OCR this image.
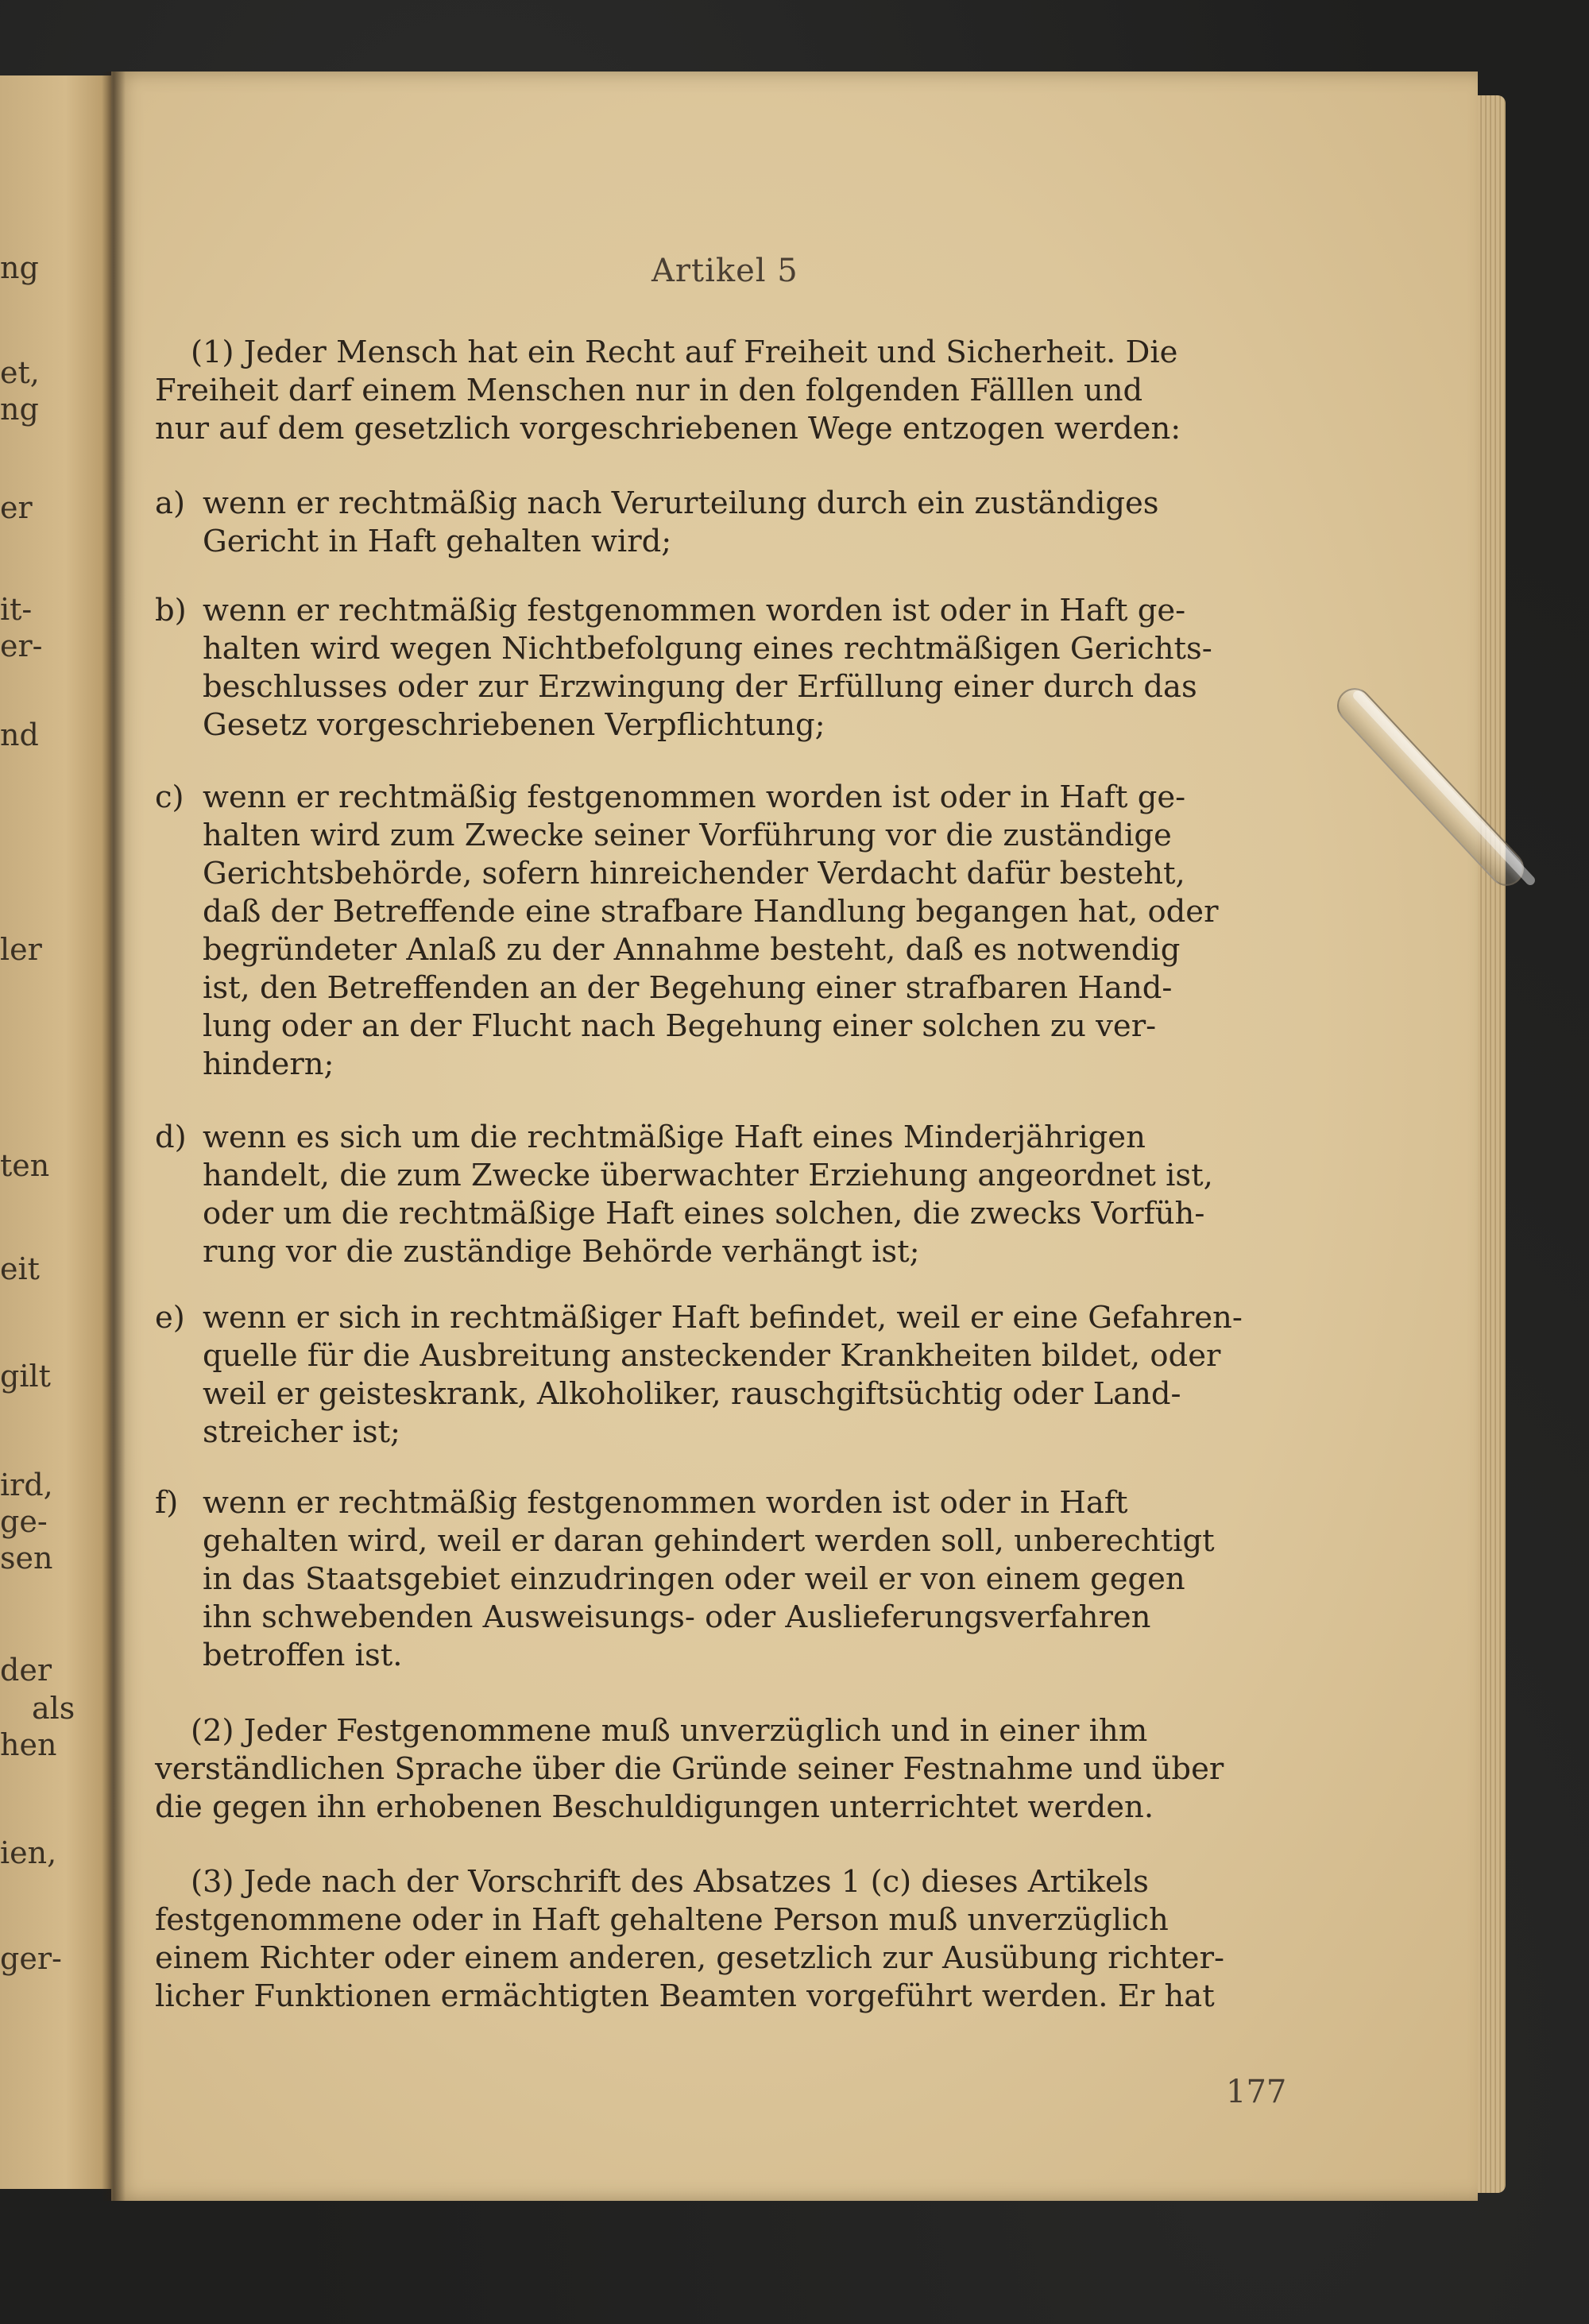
ng
et,
ng
er
it-
er-
nd
ler
ten
eit
gilt
ird,
ge-
sen
der
als
hen
ien,
ger-
Artikel 5
(1) Jeder Mensch hat ein Recht auf Freiheit und Sicherheit. Die
Freiheit darf einem Menschen nur in den folgenden Fälllen und
nur auf dem gesetzlich vorgeschriebenen Wege entzogen werden:
a) wenn er rechtmäßig nach Verurteilung durch ein zuständiges
Gericht in Haft gehalten wird;
b) wenn er rechtmäßig festgenommen worden ist oder in Haft ge-
halten wird wegen Nichtbefolgung eines rechtmäßigen Gerichts-
beschlusses oder zur Erzwingung der Erfüllung einer durch das
Gesetz vorgeschriebenen Verpflichtung;
c) wenn er rechtmäßig festgenommen worden ist oder in Haft ge-
halten wird zum Zwecke seiner Vorführung vor die zuständige
Gerichtsbehörde, sofern hinreichender Verdacht dafür besteht,
daß der Betreffende eine strafbare Handlung begangen hat, oder
begründeter Anlaß zu der Annahme besteht, daß es notwendig
ist, den Betreffenden an der Begehung einer strafbaren Hand-
lung oder an der Flucht nach Begehung einer solchen zu ver-
hindern;
d) wenn es sich um die rechtmäßige Haft eines Minderjährigen
handelt, die zum Zwecke überwachter Erziehung angeordnet ist,
oder um die rechtmäßige Haft eines solchen, die zwecks Vorfüh-
rung vor die zuständige Behörde verhängt ist;
e) wenn er sich in rechtmäßiger Haft befindet, weil er eine Gefahren-
quelle für die Ausbreitung ansteckender Krankheiten bildet, oder
weil er geisteskrank, Alkoholiker, rauschgiftsüchtig oder Land-
streicher ist;
f) wenn er rechtmäßig festgenommen worden ist oder in Haft
gehalten wird, weil er daran gehindert werden soll, unberechtigt
in das Staatsgebiet einzudringen oder weil er von einem gegen
ihn schwebenden Ausweisungs- oder Auslieferungsverfahren
betroffen ist.
(2) Jeder Festgenommene muß unverzüglich und in einer ihm
verständlichen Sprache über die Gründe seiner Festnahme und über
die gegen ihn erhobenen Beschuldigungen unterrichtet werden.
(3) Jede nach der Vorschrift des Absatzes 1 (c) dieses Artikels
festgenommene oder in Haft gehaltene Person muß unverzüglich
einem Richter oder einem anderen, gesetzlich zur Ausübung richter-
licher Funktionen ermächtigten Beamten vorgeführt werden. Er hat
177
